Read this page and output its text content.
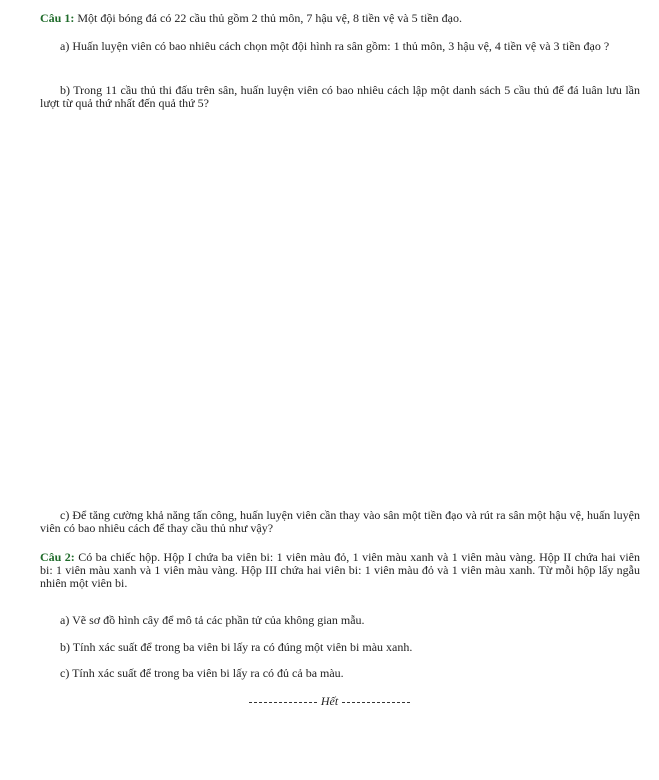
Câu 1: Một đội bóng đá có 22 cầu thủ gồm 2 thủ môn, 7 hậu vệ, 8 tiền vệ và 5 tiền đạo.

a) Huấn luyện viên có bao nhiêu cách chọn một đội hình ra sân gồm: 1 thủ môn, 3 hậu vệ, 4 tiền vệ và 3 tiền đạo ?

b) Trong 11 cầu thủ thi đấu trên sân, huấn luyện viên có bao nhiêu cách lập một danh sách 5 cầu thủ để đá luân lưu lần lượt từ quả thứ nhất đến quả thứ 5?

c) Để tăng cường khả năng tấn công, huấn luyện viên cần thay vào sân một tiền đạo và rút ra sân một hậu vệ, huấn luyện viên có bao nhiêu cách để thay cầu thủ như vậy?

Câu 2: Có ba chiếc hộp. Hộp I chứa ba viên bi: 1 viên màu đỏ, 1 viên màu xanh và 1 viên màu vàng. Hộp II chứa hai viên bi: 1 viên màu xanh và 1 viên màu vàng. Hộp III chứa hai viên bi: 1 viên màu đỏ và 1 viên màu xanh. Từ mỗi hộp lấy ngẫu nhiên một viên bi.

a) Vẽ sơ đồ hình cây để mô tả các phần tử của không gian mẫu.

b) Tính xác suất để trong ba viên bi lấy ra có đúng một viên bi màu xanh.

c) Tính xác suất để trong ba viên bi lấy ra có đủ cả ba màu.

Hết
